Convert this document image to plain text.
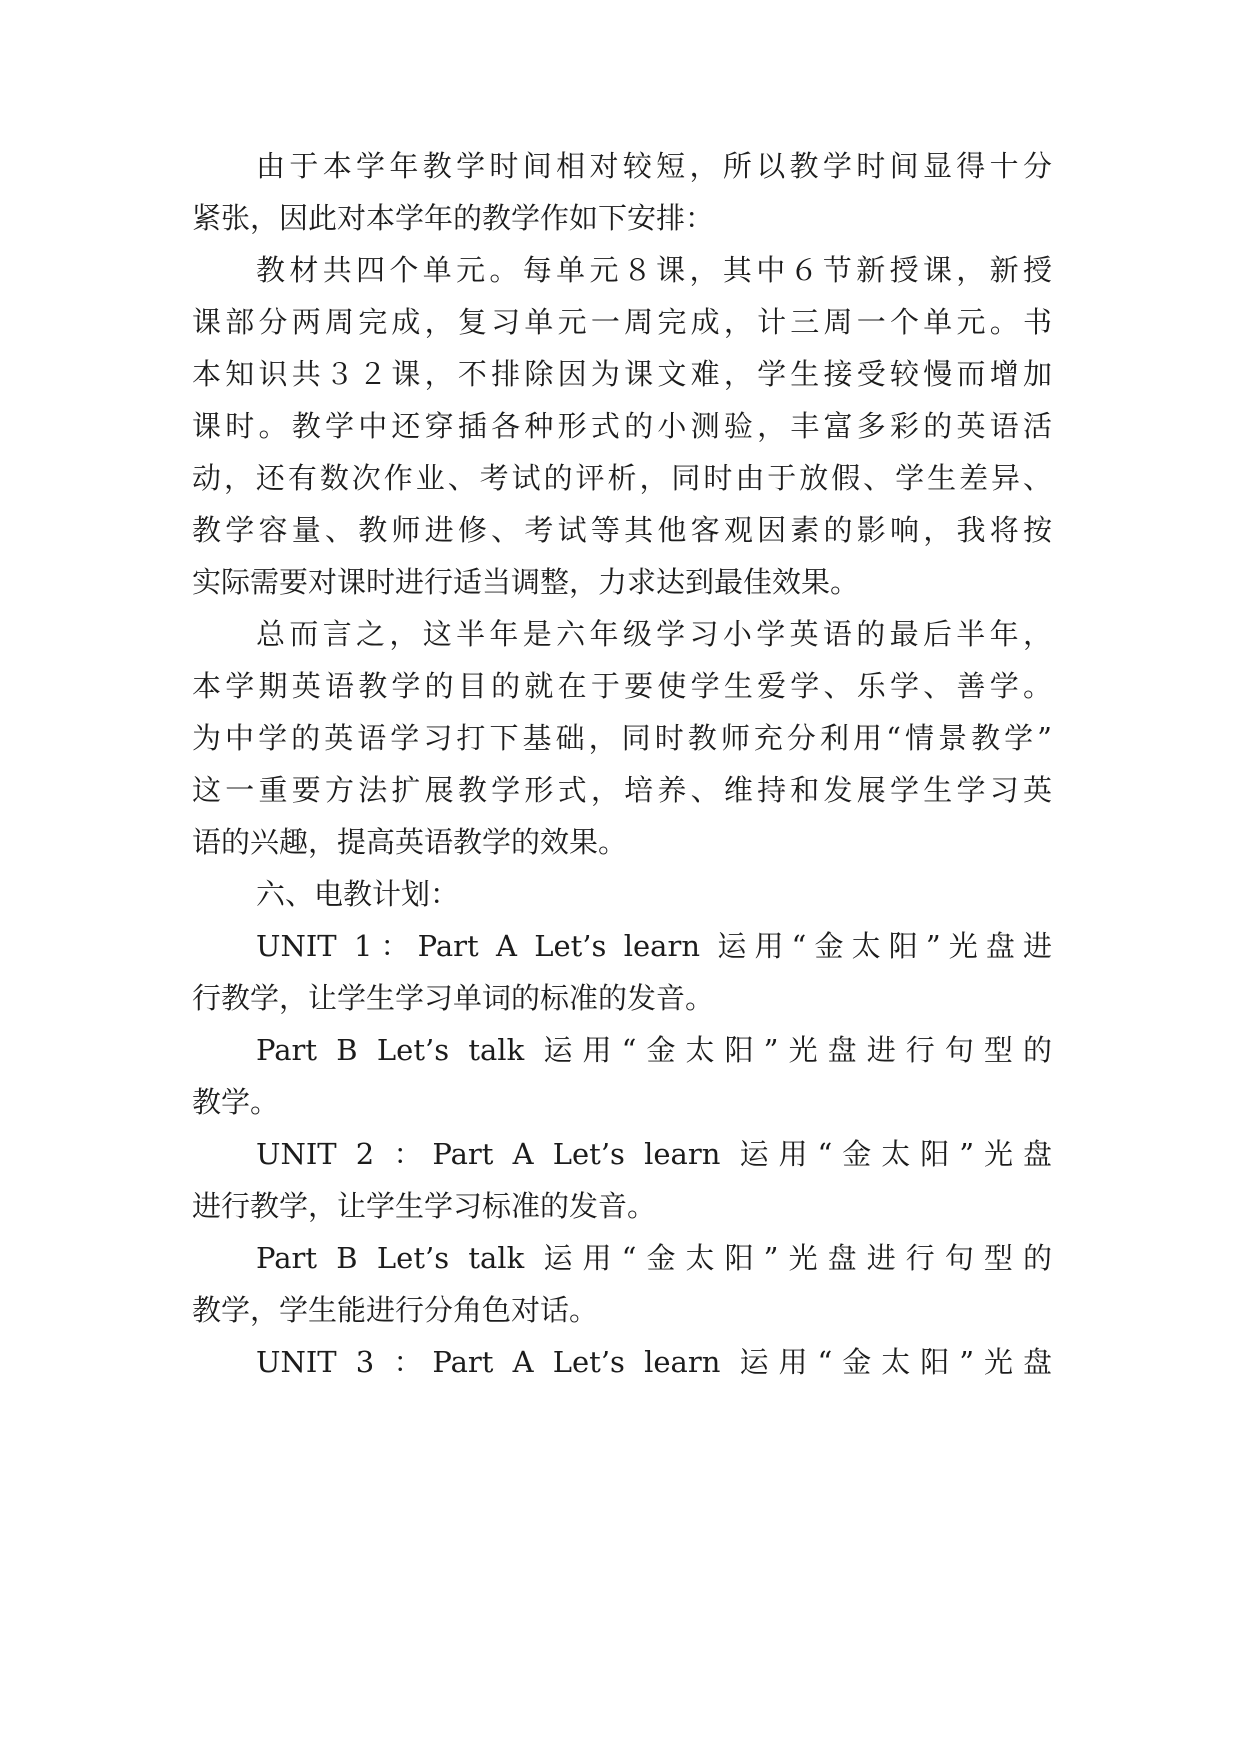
由于本学年教学时间相对较短，所以教学时间显得十分
紧张，因此对本学年的教学作如下安排：
教材共四个单元。每单元８课，其中６节新授课，新授
课部分两周完成，复习单元一周完成，计三周一个单元。书
本知识共３２课，不排除因为课文难，学生接受较慢而增加
课时。教学中还穿插各种形式的小测验，丰富多彩的英语活
动，还有数次作业、考试的评析，同时由于放假、学生差异、
教学容量、教师进修、考试等其他客观因素的影响，我将按
实际需要对课时进行适当调整，力求达到最佳效果。
总而言之，这半年是六年级学习小学英语的最后半年，
本学期英语教学的目的就在于要使学生爱学、乐学、善学。
为中学的英语学习打下基础，同时教师充分利用“情景教学”
这一重要方法扩展教学形式，培养、维持和发展学生学习英
语的兴趣，提高英语教学的效果。
六、电教计划：
UNIT 1：Part A Let’s learn 运用“金太阳”光盘进
行教学，让学生学习单词的标准的发音。
Part B Let’s talk 运用“金太阳”光盘进行句型的
教学。
UNIT 2 ：Part A Let’s learn 运用“金太阳”光盘
进行教学，让学生学习标准的发音。
Part B Let’s talk 运用“金太阳”光盘进行句型的
教学，学生能进行分角色对话。
UNIT 3 ：Part A Let’s learn 运用“金太阳”光盘
